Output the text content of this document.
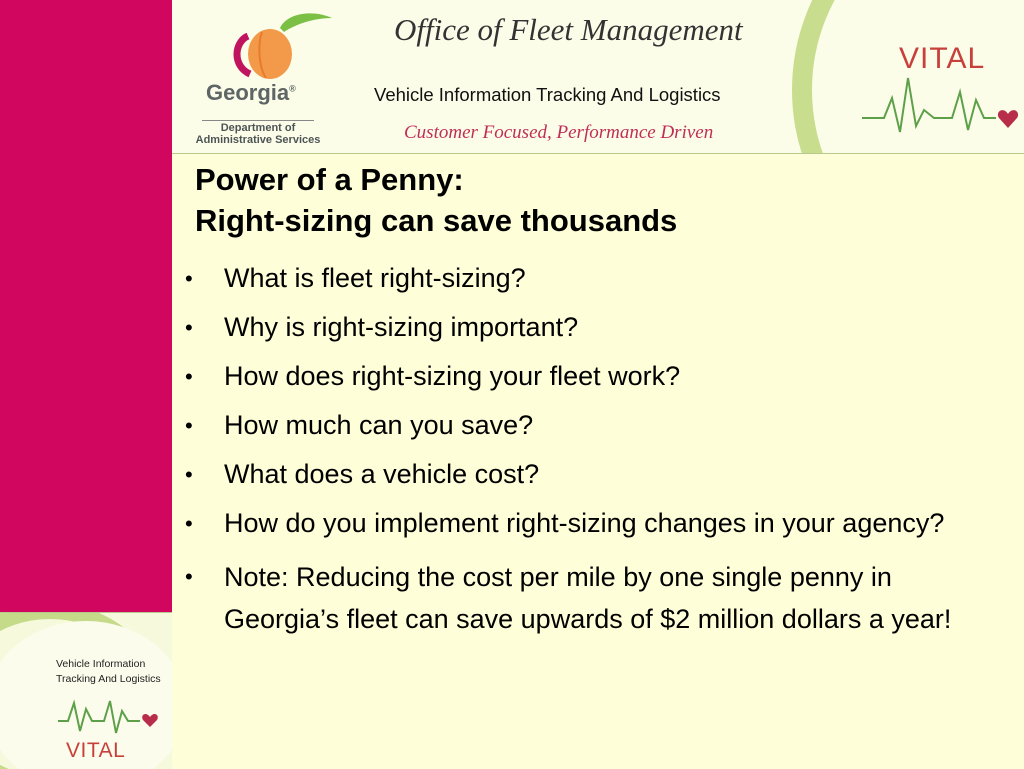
Vehicle Information
Tracking And Logistics
VITAL
Georgia®
Department of
Administrative Services
Office of Fleet Management
Vehicle Information Tracking And Logistics
Customer Focused, Performance Driven
VITAL
Power of a Penny:
Right-sizing can save thousands
• What is fleet right-sizing?
• Why is right-sizing important?
• How does right-sizing your fleet work?
• How much can you save?
• What does a vehicle cost?
• How do you implement right-sizing changes in your agency?
• Note: Reducing the cost per mile by one single penny in Georgia’s fleet can save upwards of $2 million dollars a year!
